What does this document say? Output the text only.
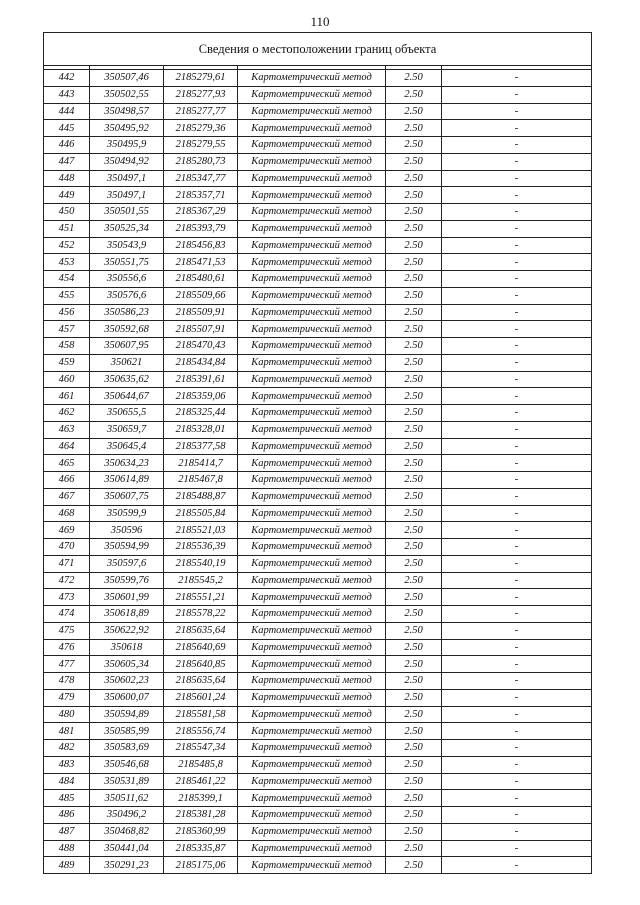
110
Сведения о местоположении границ объекта					

442	350507,46	2185279,61	Картометрический метод	2.50	-
443	350502,55	2185277,93	Картометрический метод	2.50	-
444	350498,57	2185277,77	Картометрический метод	2.50	-
445	350495,92	2185279,36	Картометрический метод	2.50	-
446	350495,9	2185279,55	Картометрический метод	2.50	-
447	350494,92	2185280,73	Картометрический метод	2.50	-
448	350497,1	2185347,77	Картометрический метод	2.50	-
449	350497,1	2185357,71	Картометрический метод	2.50	-
450	350501,55	2185367,29	Картометрический метод	2.50	-
451	350525,34	2185393,79	Картометрический метод	2.50	-
452	350543,9	2185456,83	Картометрический метод	2.50	-
453	350551,75	2185471,53	Картометрический метод	2.50	-
454	350556,6	2185480,61	Картометрический метод	2.50	-
455	350576,6	2185509,66	Картометрический метод	2.50	-
456	350586,23	2185509,91	Картометрический метод	2.50	-
457	350592,68	2185507,91	Картометрический метод	2.50	-
458	350607,95	2185470,43	Картометрический метод	2.50	-
459	350621	2185434,84	Картометрический метод	2.50	-
460	350635,62	2185391,61	Картометрический метод	2.50	-
461	350644,67	2185359,06	Картометрический метод	2.50	-
462	350655,5	2185325,44	Картометрический метод	2.50	-
463	350659,7	2185328,01	Картометрический метод	2.50	-
464	350645,4	2185377,58	Картометрический метод	2.50	-
465	350634,23	2185414,7	Картометрический метод	2.50	-
466	350614,89	2185467,8	Картометрический метод	2.50	-
467	350607,75	2185488,87	Картометрический метод	2.50	-
468	350599,9	2185505,84	Картометрический метод	2.50	-
469	350596	2185521,03	Картометрический метод	2.50	-
470	350594,99	2185536,39	Картометрический метод	2.50	-
471	350597,6	2185540,19	Картометрический метод	2.50	-
472	350599,76	2185545,2	Картометрический метод	2.50	-
473	350601,99	2185551,21	Картометрический метод	2.50	-
474	350618,89	2185578,22	Картометрический метод	2.50	-
475	350622,92	2185635,64	Картометрический метод	2.50	-
476	350618	2185640,69	Картометрический метод	2.50	-
477	350605,34	2185640,85	Картометрический метод	2.50	-
478	350602,23	2185635,64	Картометрический метод	2.50	-
479	350600,07	2185601,24	Картометрический метод	2.50	-
480	350594,89	2185581,58	Картометрический метод	2.50	-
481	350585,99	2185556,74	Картометрический метод	2.50	-
482	350583,69	2185547,34	Картометрический метод	2.50	-
483	350546,68	2185485,8	Картометрический метод	2.50	-
484	350531,89	2185461,22	Картометрический метод	2.50	-
485	350511,62	2185399,1	Картометрический метод	2.50	-
486	350496,2	2185381,28	Картометрический метод	2.50	-
487	350468,82	2185360,99	Картометрический метод	2.50	-
488	350441,04	2185335,87	Картометрический метод	2.50	-
489	350291,23	2185175,06	Картометрический метод	2.50	-
